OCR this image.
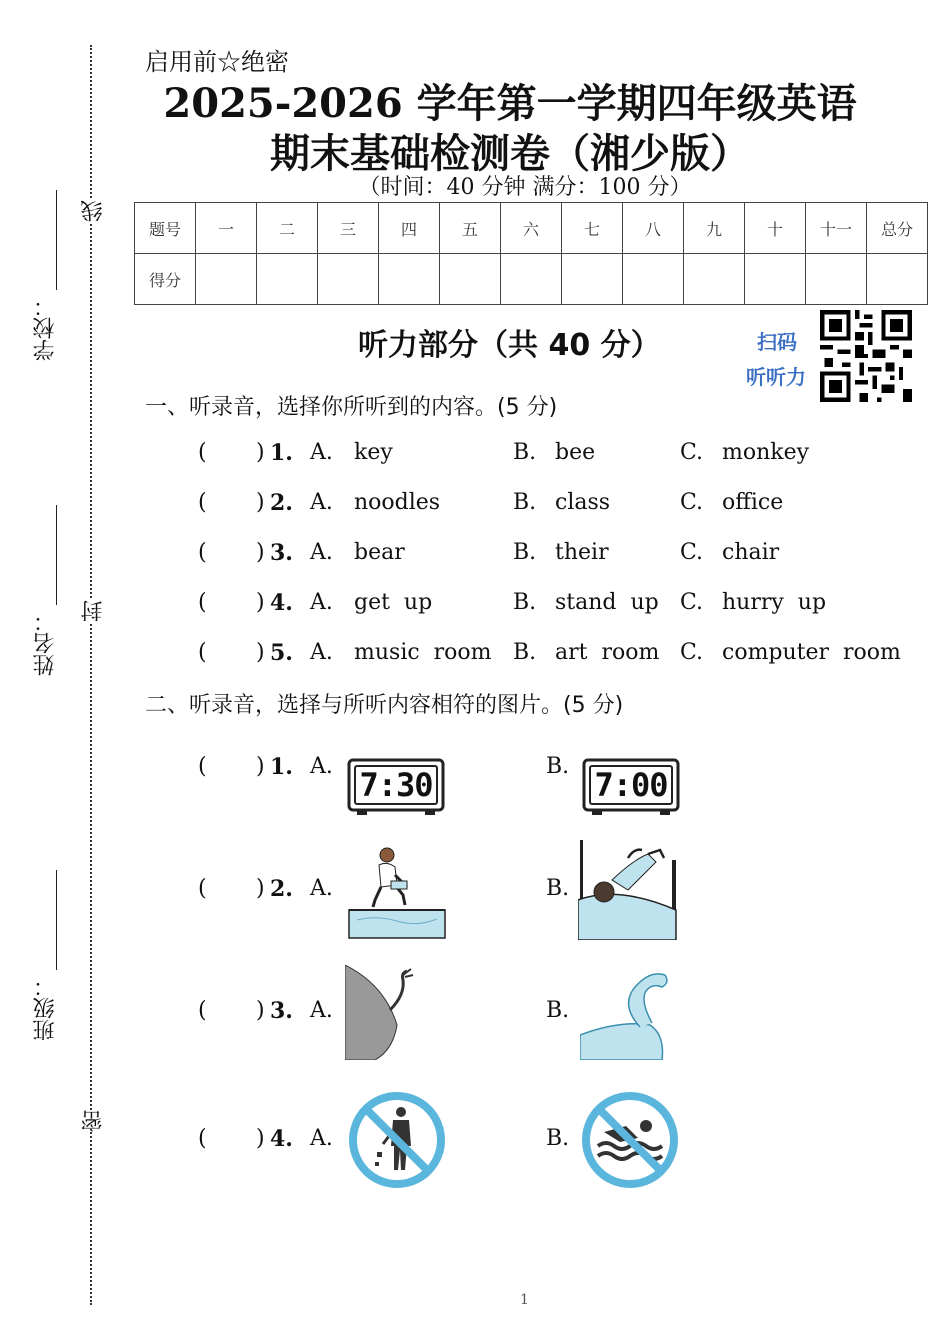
线
封
密
学校：
姓名：
班级：
启用前☆绝密
2025-2026 学年第一学期四年级英语
期末基础检测卷（湘少版）
（时间：40 分钟 满分：100 分）
题号	一	二	三	四	五	六	七	八	九	十	十一	总分
得分												
听力部分（共 40 分）	扫码
听听力
一、听录音，选择你所听到的内容。(5 分)
( ) 1. A. key	B. bee	C. monkey
( ) 2. A. noodles	B. class	C. office
( ) 3. A. bear	B. their	C. chair
( ) 4. A. get  up	B. stand  up C. hurry  up
( ) 5. A. music  room B. art  room C. computer  room
二、听录音，选择与所听内容相符的图片。(5 分)
( ) 1. A.	B.
7:30	7:00
( ) 2. A.	B.
( ) 3. A.	B.
( ) 4. A.	B.
1
